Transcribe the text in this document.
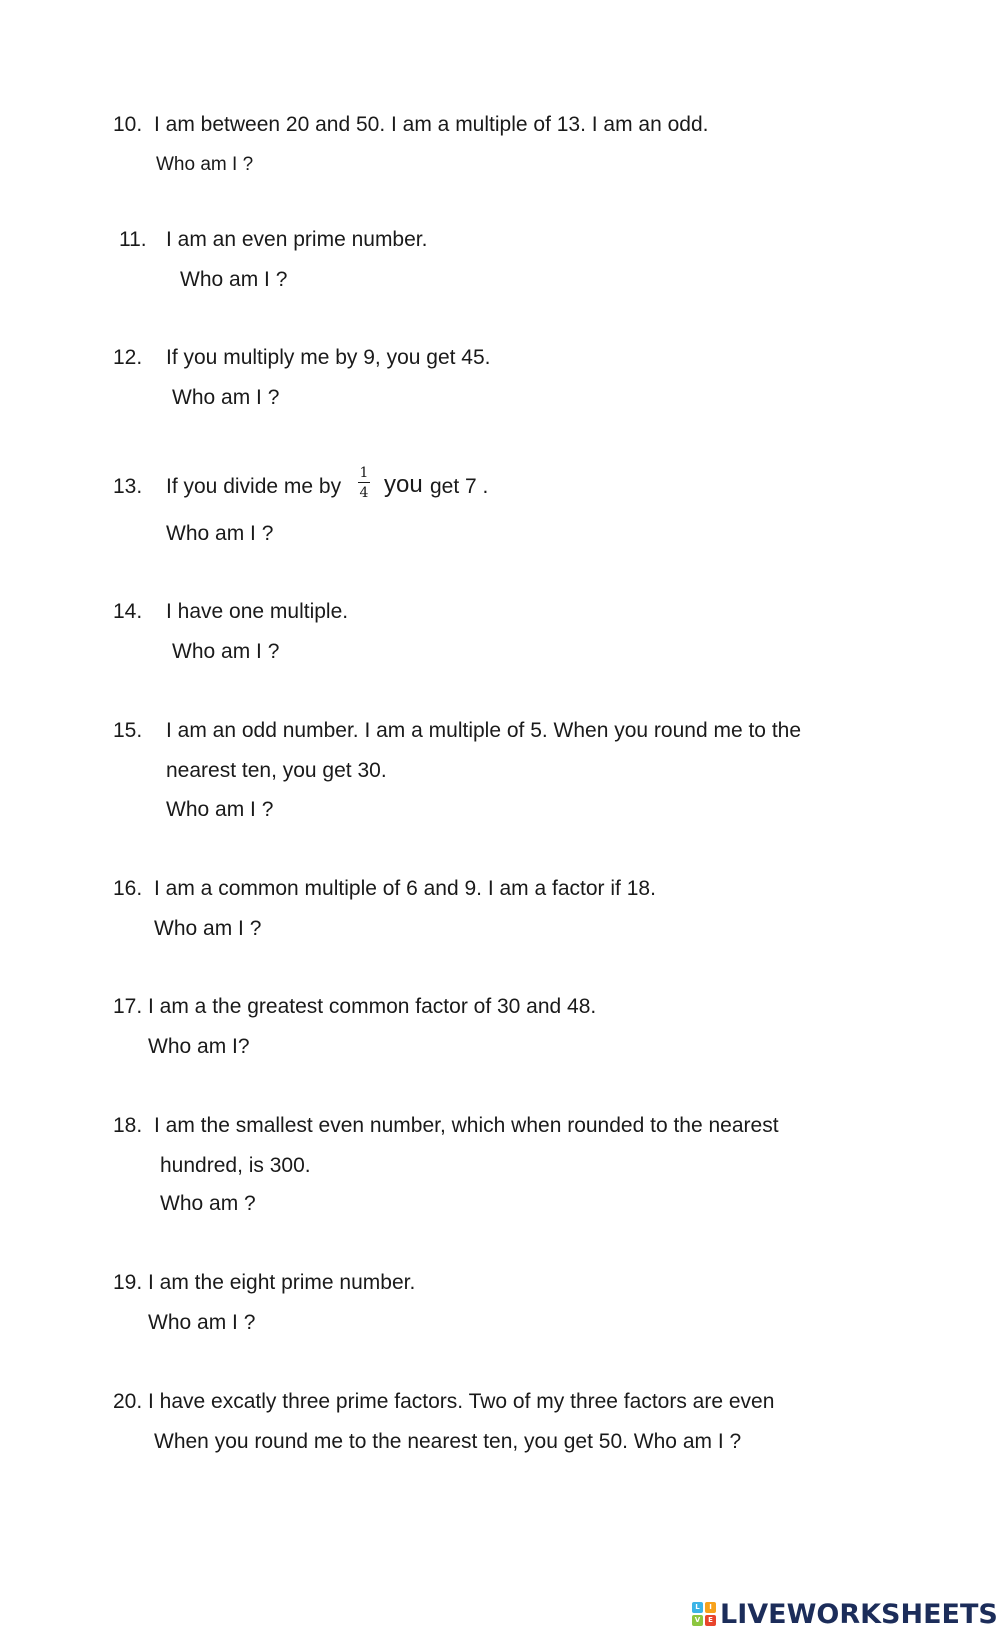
10. I am between 20 and 50. I am a multiple of 13. I am an odd.
Who am I ?
11. I am an even prime number.
Who am I ?
12. If you multiply me by 9, you get 45.
Who am I ?
13. If you divide me by
1
4 you get 7 .
Who am I ?
14. I have one multiple.
Who am I ?
15. I am an odd number. I am a multiple of 5. When you round me to the
nearest ten, you get 30.
Who am I ?
16. I am a common multiple of 6 and 9. I am a factor if 18.
Who am I ?
17. I am a the greatest common factor of 30 and 48.
Who am I?
18. I am the smallest even number, which when rounded to the nearest
hundred, is 300.
Who am ?
19. I am the eight prime number.
Who am I ?
20. I have excatly three prime factors. Two of my three factors are even
When you round me to the nearest ten, you get 50. Who am I ?
L	I
V	E LIVEWORKSHEETS
